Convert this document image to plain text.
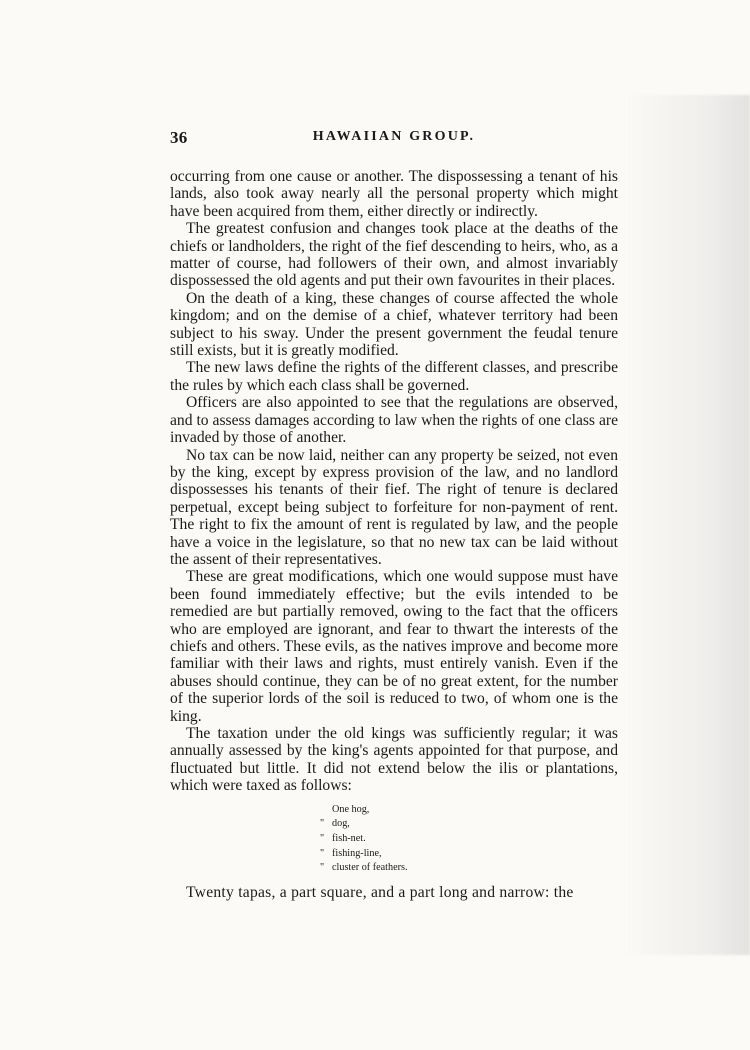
36	HAWAIIAN GROUP.

occurring from one cause or another. The dispossessing a tenant of his lands, also took away nearly all the personal property which might have been acquired from them, either directly or indirectly.

The greatest confusion and changes took place at the deaths of the chiefs or landholders, the right of the fief descending to heirs, who, as a matter of course, had followers of their own, and almost invariably dispossessed the old agents and put their own favourites in their places.

On the death of a king, these changes of course affected the whole kingdom; and on the demise of a chief, whatever territory had been subject to his sway. Under the present government the feudal tenure still exists, but it is greatly modified.

The new laws define the rights of the different classes, and prescribe the rules by which each class shall be governed.

Officers are also appointed to see that the regulations are observed, and to assess damages according to law when the rights of one class are invaded by those of another.

No tax can be now laid, neither can any property be seized, not even by the king, except by express provision of the law, and no landlord dispossesses his tenants of their fief. The right of tenure is declared perpetual, except being subject to forfeiture for non-payment of rent. The right to fix the amount of rent is regulated by law, and the people have a voice in the legislature, so that no new tax can be laid without the assent of their representatives.

These are great modifications, which one would suppose must have been found immediately effective; but the evils intended to be remedied are but partially removed, owing to the fact that the officers who are employed are ignorant, and fear to thwart the interests of the chiefs and others. These evils, as the natives improve and become more familiar with their laws and rights, must entirely vanish. Even if the abuses should continue, they can be of no great extent, for the number of the superior lords of the soil is reduced to two, of whom one is the king.

The taxation under the old kings was sufficiently regular; it was annually assessed by the king's agents appointed for that purpose, and fluctuated but little. It did not extend below the ilis or plantations, which were taxed as follows:

One hog,
" dog,
" fish-net.
" fishing-line,
" cluster of feathers.

Twenty tapas, a part square, and a part long and narrow: the
